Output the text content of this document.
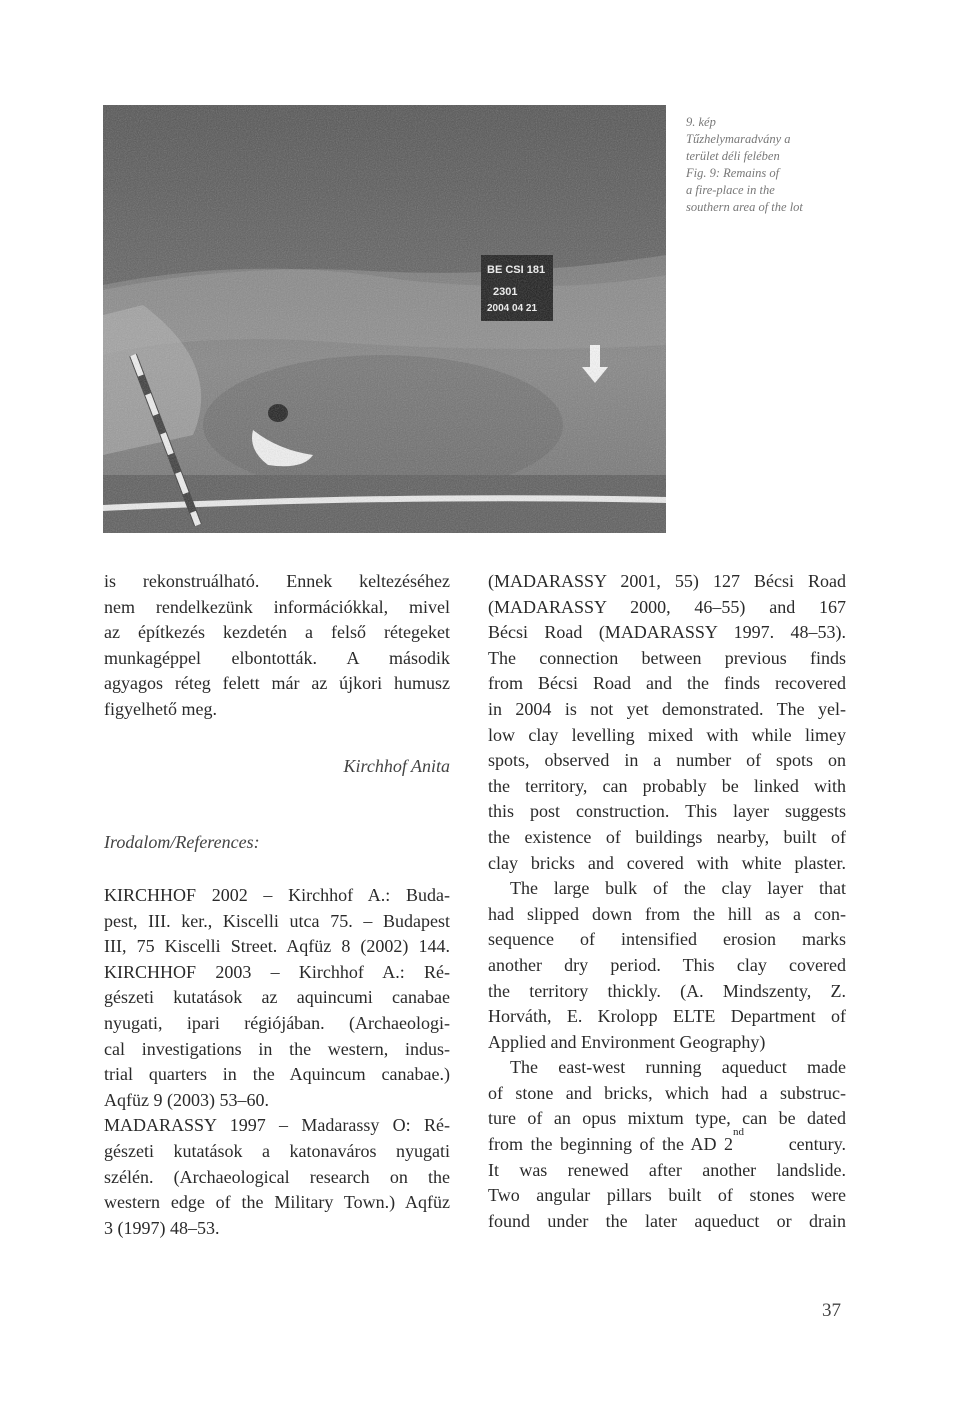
9. kép
Tűzhelymaradvány a
terület déli felében
Fig. 9: Remains of
a fire-place in the
southern area of the lot
is rekonstruálható. Ennek keltezéséhez
nem rendelkezünk információkkal, mivel
az építkezés kezdetén a felső rétegeket
munkagéppel elbontották. A második
agyagos réteg felett már az újkori humusz
figyelhető meg.
Kirchhof Anita
Irodalom/References:
KIRCHHOF 2002 – Kirchhof A.: Buda-
pest, III. ker., Kiscelli utca 75. – Budapest
III, 75 Kiscelli Street. Aqfüz 8 (2002) 144.
KIRCHHOF 2003 – Kirchhof A.: Ré-
gészeti kutatások az aquincumi canabae
nyugati, ipari régiójában. (Archaeologi-
cal investigations in the western, indus-
trial quarters in the Aquincum canabae.)
Aqfüz 9 (2003) 53–60.
MADARASSY 1997 – Madarassy O: Ré-
gészeti kutatások a katonaváros nyugati
szélén. (Archaeological research on the
western edge of the Military Town.) Aqfüz
3 (1997) 48–53.
(MADARASSY 2001, 55) 127 Bécsi Road
(MADARASSY 2000, 46–55) and 167
Bécsi Road (MADARASSY 1997. 48–53).
The connection between previous finds
from Bécsi Road and the finds recovered
in 2004 is not yet demonstrated. The yel-
low clay levelling mixed with while limey
spots, observed in a number of spots on
the territory, can probably be linked with
this post construction. This layer suggests
the existence of buildings nearby, built of
clay bricks and covered with white plaster.
The large bulk of the clay layer that
had slipped down from the hill as a con-
sequence of intensified erosion marks
another dry period. This clay covered
the territory thickly. (A. Mindszenty, Z.
Horváth, E. Krolopp ELTE Department of
Applied and Environment Geography)
The east-west running aqueduct made
of stone and bricks, which had a substruc-
ture of an opus mixtum type, can be dated
from the beginning of the AD 2
nd
century.
It was renewed after another landslide.
Two angular pillars built of stones were
found under the later aqueduct or drain
37
